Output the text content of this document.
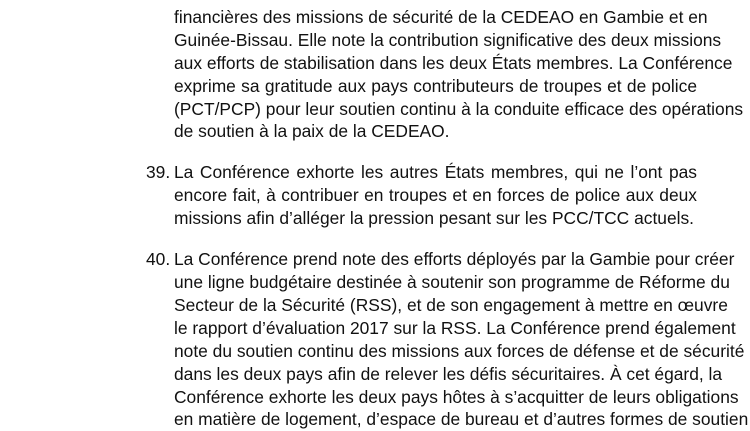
financières des missions de sécurité de la CEDEAO en Gambie et en
Guinée-Bissau. Elle note la contribution significative des deux missions
aux efforts de stabilisation dans les deux États membres. La Conférence
exprime sa gratitude aux pays contributeurs de troupes et de police
(PCT/PCP) pour leur soutien continu à la conduite efficace des opérations
de soutien à la paix de la CEDEAO.
39. La Conférence exhorte les autres États membres, qui ne l’ont pas
encore fait, à contribuer en troupes et en forces de police aux deux
missions afin d’alléger la pression pesant sur les PCC/TCC actuels.
40. La Conférence prend note des efforts déployés par la Gambie pour créer
une ligne budgétaire destinée à soutenir son programme de Réforme du
Secteur de la Sécurité (RSS), et de son engagement à mettre en œuvre
le rapport d’évaluation 2017 sur la RSS. La Conférence prend également
note du soutien continu des missions aux forces de défense et de sécurité
dans les deux pays afin de relever les défis sécuritaires. À cet égard, la
Conférence exhorte les deux pays hôtes à s’acquitter de leurs obligations
en matière de logement, d’espace de bureau et d’autres formes de soutien
